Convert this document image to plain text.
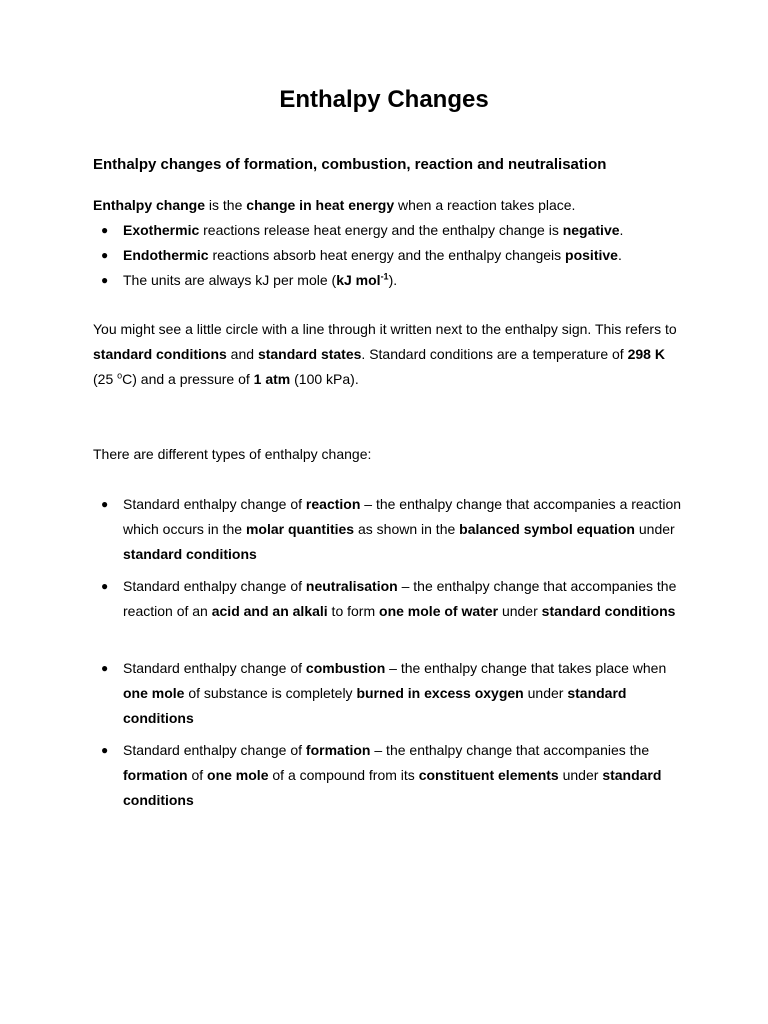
Enthalpy Changes
Enthalpy changes of formation, combustion, reaction and neutralisation
Enthalpy change is the change in heat energy when a reaction takes place.
● Exothermic reactions release heat energy and the enthalpy change is negative.
● Endothermic reactions absorb heat energy and the enthalpy changeis positive.
● The units are always kJ per mole (kJ mol$^{-1}$).
You might see a little circle with a line through it written next to the enthalpy sign. This refers to standard conditions and standard states. Standard conditions are a temperature of 298 K (25 $^o$C) and a pressure of 1 atm (100 kPa).
There are different types of enthalpy change:
● Standard enthalpy change of reaction – the enthalpy change that accompanies a reaction which occurs in the molar quantities as shown in the balanced symbol equation under standard conditions
● Standard enthalpy change of neutralisation – the enthalpy change that accompanies the reaction of an acid and an alkali to form one mole of water under standard conditions
● Standard enthalpy change of combustion – the enthalpy change that takes place when one mole of substance is completely burned in excess oxygen under standard conditions
● Standard enthalpy change of formation – the enthalpy change that accompanies the formation of one mole of a compound from its constituent elements under standard conditions
